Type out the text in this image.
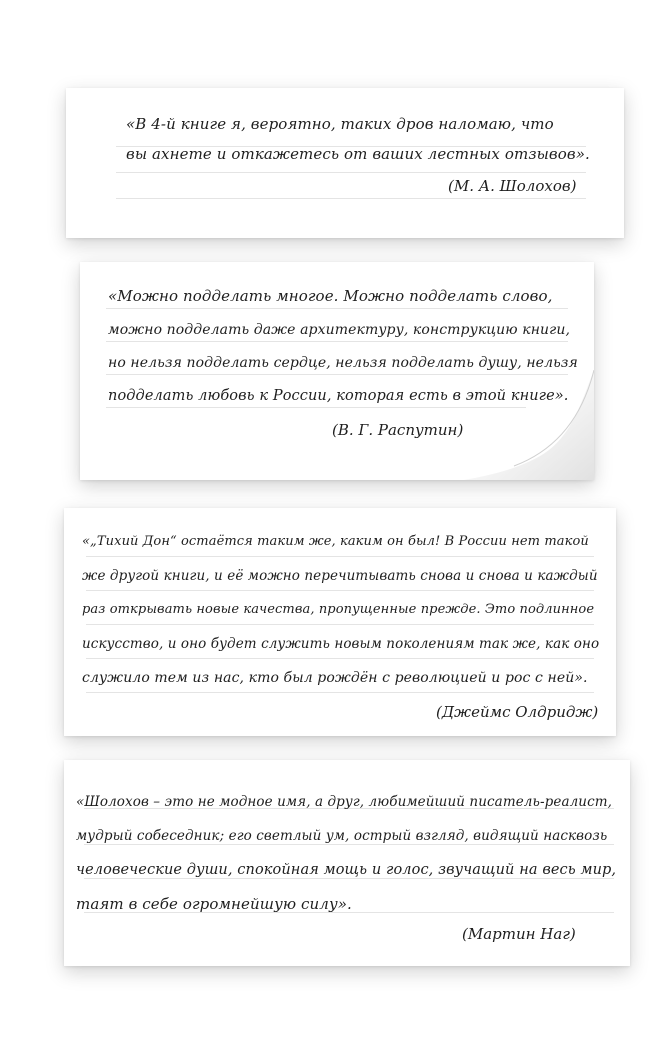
«В 4-й книге я, вероятно, таких дров наломаю, что
вы ахнете и откажетесь от ваших лестных отзывов».
(М. А. Шолохов)
«Можно подделать многое. Можно подделать слово,
можно подделать даже архитектуру, конструкцию книги,
но нельзя подделать сердце, нельзя подделать душу, нельзя
подделать любовь к России, которая есть в этой книге».
(В. Г. Распутин)
«„Тихий Дон“ остаётся таким же, каким он был! В России нет такой
же другой книги, и её можно перечитывать снова и снова и каждый
раз открывать новые качества, пропущенные прежде. Это подлинное
искусство, и оно будет служить новым поколениям так же, как оно
служило тем из нас, кто был рождён с революцией и рос с ней».
(Джеймс Олдридж)
«Шолохов – это не модное имя, а друг, любимейший писатель-реалист,
мудрый собеседник; его светлый ум, острый взгляд, видящий насквозь
человеческие души, спокойная мощь и голос, звучащий на весь мир,
таят в себе огромнейшую силу».
(Мартин Наг)
